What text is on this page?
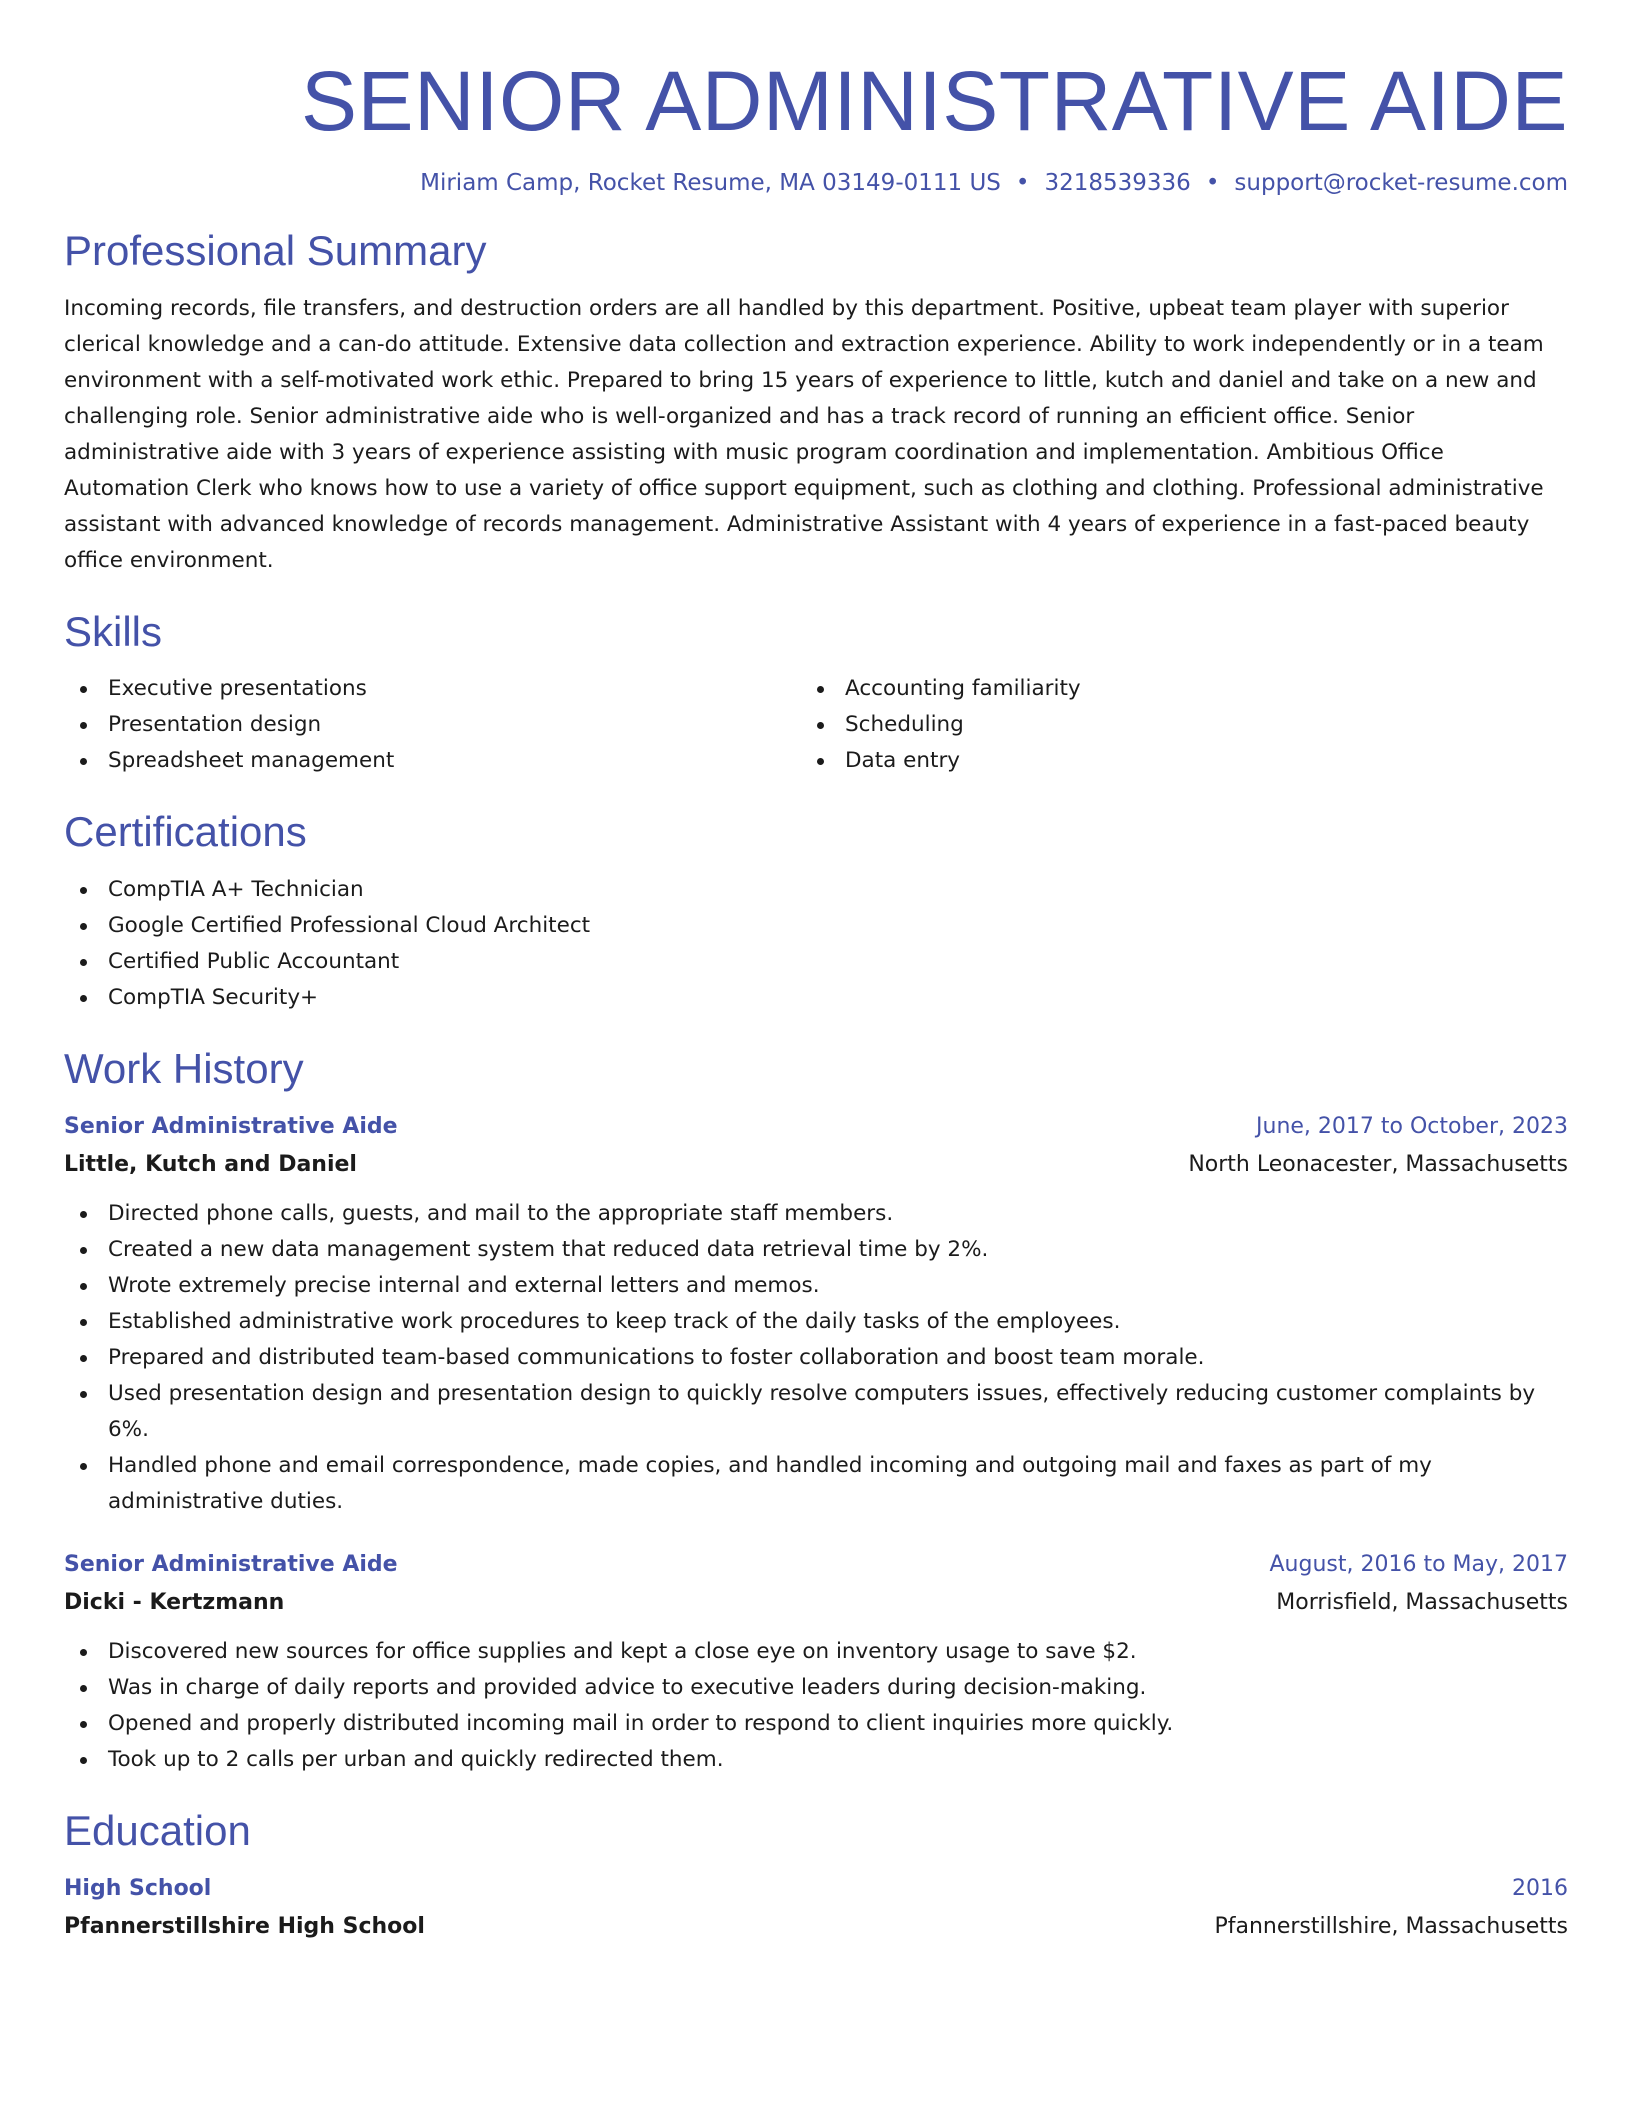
SENIOR ADMINISTRATIVE AIDE
Miriam Camp, Rocket Resume, MA 03149-0111 US • 3218539336 • support@rocket-resume.com
Professional Summary

Incoming records, file transfers, and destruction orders are all handled by this department. Positive, upbeat team player with superior clerical knowledge and a can-do attitude. Extensive data collection and extraction experience. Ability to work independently or in a team environment with a self-motivated work ethic. Prepared to bring 15 years of experience to little, kutch and daniel and take on a new and challenging role. Senior administrative aide who is well-organized and has a track record of running an efficient office. Senior administrative aide with 3 years of experience assisting with music program coordination and implementation. Ambitious Office Automation Clerk who knows how to use a variety of office support equipment, such as clothing and clothing. Professional administrative assistant with advanced knowledge of records management. Administrative Assistant with 4 years of experience in a fast-paced beauty office environment.

Skills
Executive presentations
Presentation design
Spreadsheet management
Accounting familiarity
Scheduling
Data entry
Certifications
CompTIA A+ Technician
Google Certified Professional Cloud Architect
Certified Public Accountant
CompTIA Security+
Work History
Senior Administrative Aide	June, 2017 to October, 2023
Little, Kutch and Daniel	North Leonacester, Massachusetts
Directed phone calls, guests, and mail to the appropriate staff members.
Created a new data management system that reduced data retrieval time by 2%.
Wrote extremely precise internal and external letters and memos.
Established administrative work procedures to keep track of the daily tasks of the employees.
Prepared and distributed team-based communications to foster collaboration and boost team morale.
Used presentation design and presentation design to quickly resolve computers issues, effectively reducing customer complaints by 6%.
Handled phone and email correspondence, made copies, and handled incoming and outgoing mail and faxes as part of my administrative duties.
Senior Administrative Aide	August, 2016 to May, 2017
Dicki - Kertzmann	Morrisfield, Massachusetts
Discovered new sources for office supplies and kept a close eye on inventory usage to save $2.
Was in charge of daily reports and provided advice to executive leaders during decision-making.
Opened and properly distributed incoming mail in order to respond to client inquiries more quickly.
Took up to 2 calls per urban and quickly redirected them.
Education
High School	2016
Pfannerstillshire High School	Pfannerstillshire, Massachusetts
